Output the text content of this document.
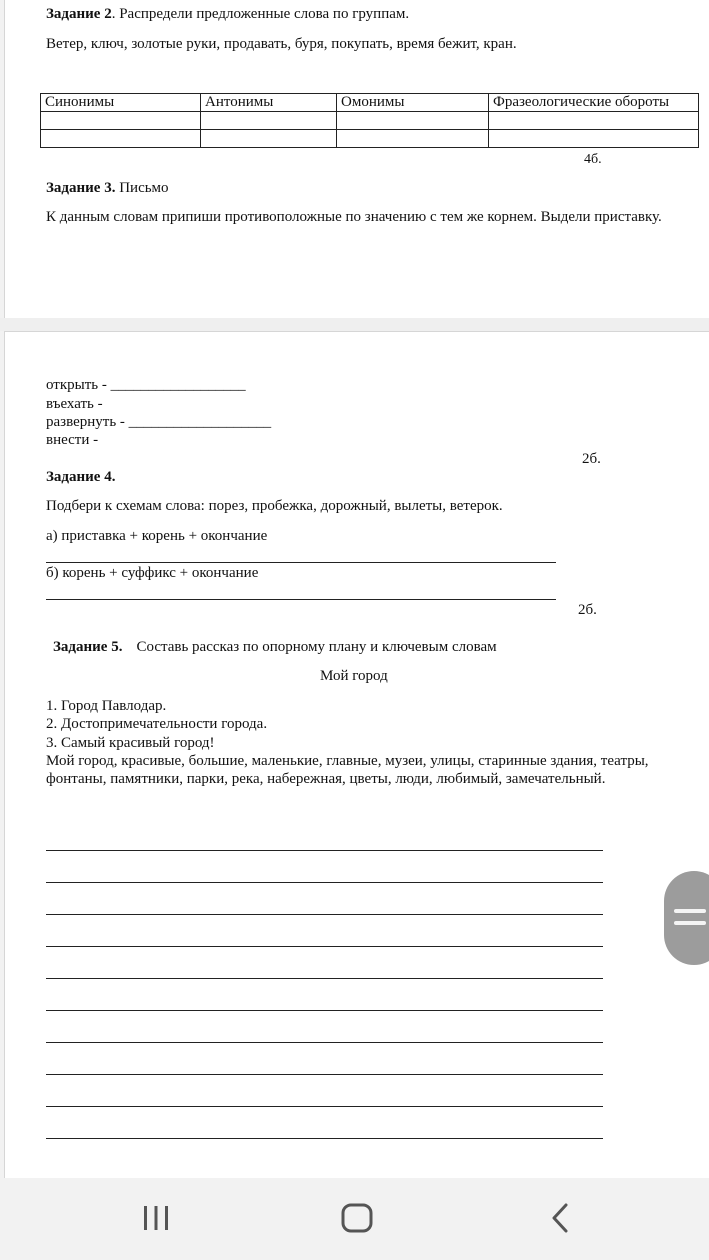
Задание 2. Распредели предложенные слова по группам.
Ветер, ключ, золотые руки, продавать, буря, покупать, время бежит, кран.
Синонимы	Антонимы	Омонимы	Фразеологические обороты

4б.
Задание 3. Письмо
К данным словам припиши противоположные по значению с тем же корнем. Выдели приставку.
открыть - __________________
въехать -
развернуть - ___________________
внести -
2б.
Задание 4.
Подбери к схемам слова: порез, пробежка, дорожный, вылеты, ветерок.
а) приставка + корень + окончание
б) корень + суффикс + окончание
2б.
Задание 5. Составь рассказ по опорному плану и ключевым словам
Мой город
1. Город Павлодар.
2. Достопримечательности города.
3. Самый красивый город!
Мой город, красивые, большие, маленькие, главные, музеи, улицы, старинные здания, театры, фонтаны, памятники, парки, река, набережная, цветы, люди, любимый, замечательный.
